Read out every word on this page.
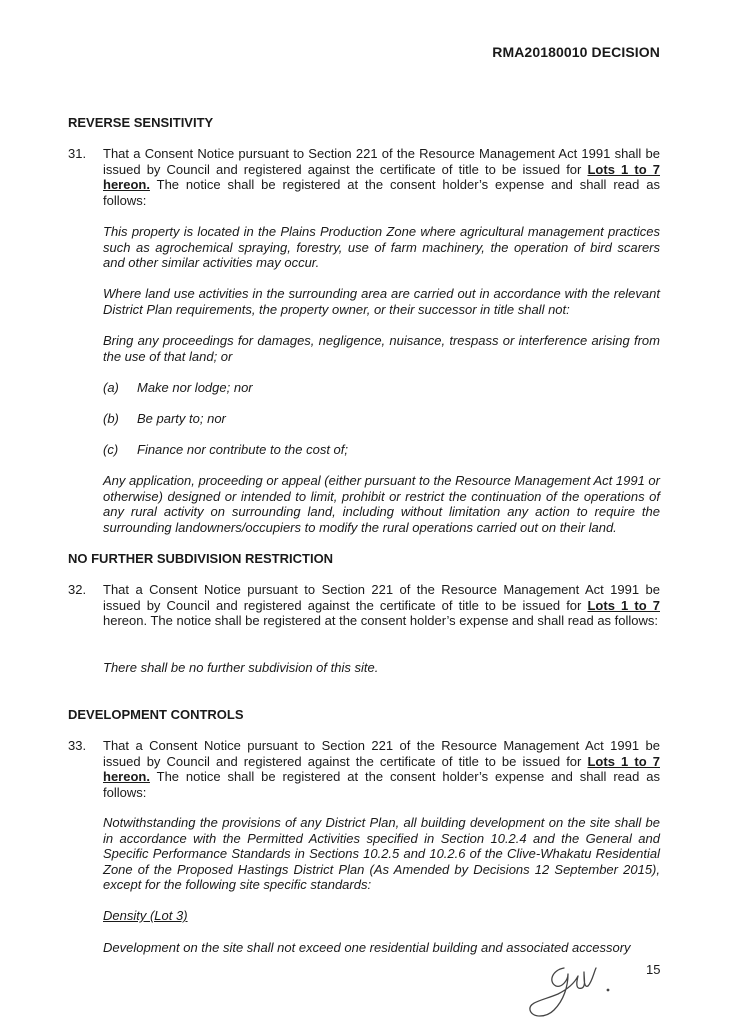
RMA20180010 DECISION
REVERSE SENSITIVITY
31. That a Consent Notice pursuant to Section 221 of the Resource Management Act 1991 shall be issued by Council and registered against the certificate of title to be issued for Lots 1 to 7 hereon. The notice shall be registered at the consent holder’s expense and shall read as follows:
This property is located in the Plains Production Zone where agricultural management practices such as agrochemical spraying, forestry, use of farm machinery, the operation of bird scarers and other similar activities may occur.
Where land use activities in the surrounding area are carried out in accordance with the relevant District Plan requirements, the property owner, or their successor in title shall not:
Bring any proceedings for damages, negligence, nuisance, trespass or interference arising from the use of that land; or
(a) Make nor lodge; nor
(b) Be party to; nor
(c) Finance nor contribute to the cost of;
Any application, proceeding or appeal (either pursuant to the Resource Management Act 1991 or otherwise) designed or intended to limit, prohibit or restrict the continuation of the operations of any rural activity on surrounding land, including without limitation any action to require the surrounding landowners/occupiers to modify the rural operations carried out on their land.
NO FURTHER SUBDIVISION RESTRICTION
32. That a Consent Notice pursuant to Section 221 of the Resource Management Act 1991 be issued by Council and registered against the certificate of title to be issued for Lots 1 to 7 hereon. The notice shall be registered at the consent holder’s expense and shall read as follows:
There shall be no further subdivision of this site.
DEVELOPMENT CONTROLS
33. That a Consent Notice pursuant to Section 221 of the Resource Management Act 1991 be issued by Council and registered against the certificate of title to be issued for Lots 1 to 7 hereon. The notice shall be registered at the consent holder’s expense and shall read as follows:
Notwithstanding the provisions of any District Plan, all building development on the site shall be in accordance with the Permitted Activities specified in Section 10.2.4 and the General and Specific Performance Standards in Sections 10.2.5 and 10.2.6 of the Clive-Whakatu Residential Zone of the Proposed Hastings District Plan (As Amended by Decisions 12 September 2015), except for the following site specific standards:
Density (Lot 3)
Development on the site shall not exceed one residential building and associated accessory
15
